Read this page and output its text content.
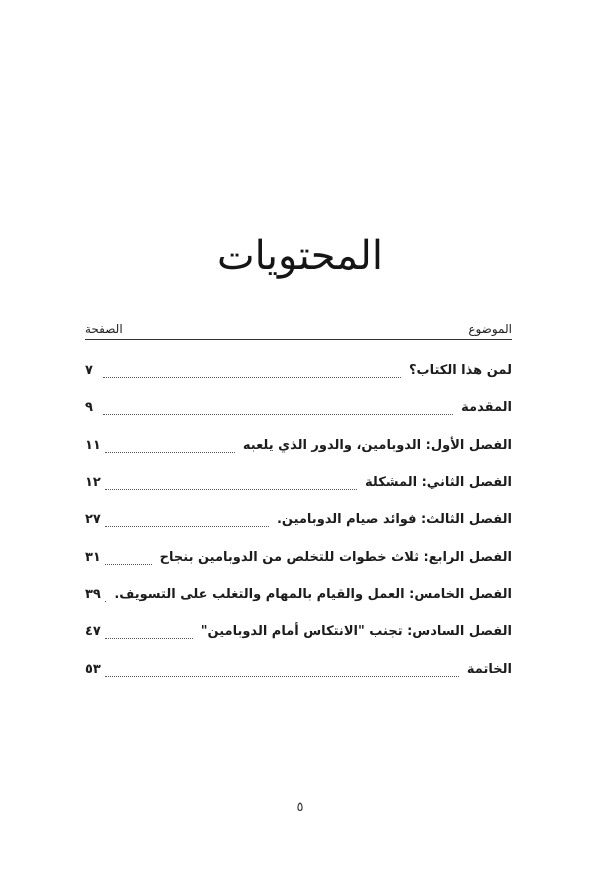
المحتويات
الموضوع
الصفحة
لمن هذا الكتاب؟
٧
المقدمة
٩
الفصل الأول: الدوبامين، والدور الذي يلعبه
١١
الفصل الثاني: المشكلة
١٢
الفصل الثالث: فوائد صيام الدوبامين.
٢٧
الفصل الرابع: ثلاث خطوات للتخلص من الدوبامين بنجاح
٣١
الفصل الخامس: العمل والقيام بالمهام والتغلب على التسويف.
٣٩
الفصل السادس: تجنب "الانتكاس أمام الدوبامين"
٤٧
الخاتمة
٥٣
٥
